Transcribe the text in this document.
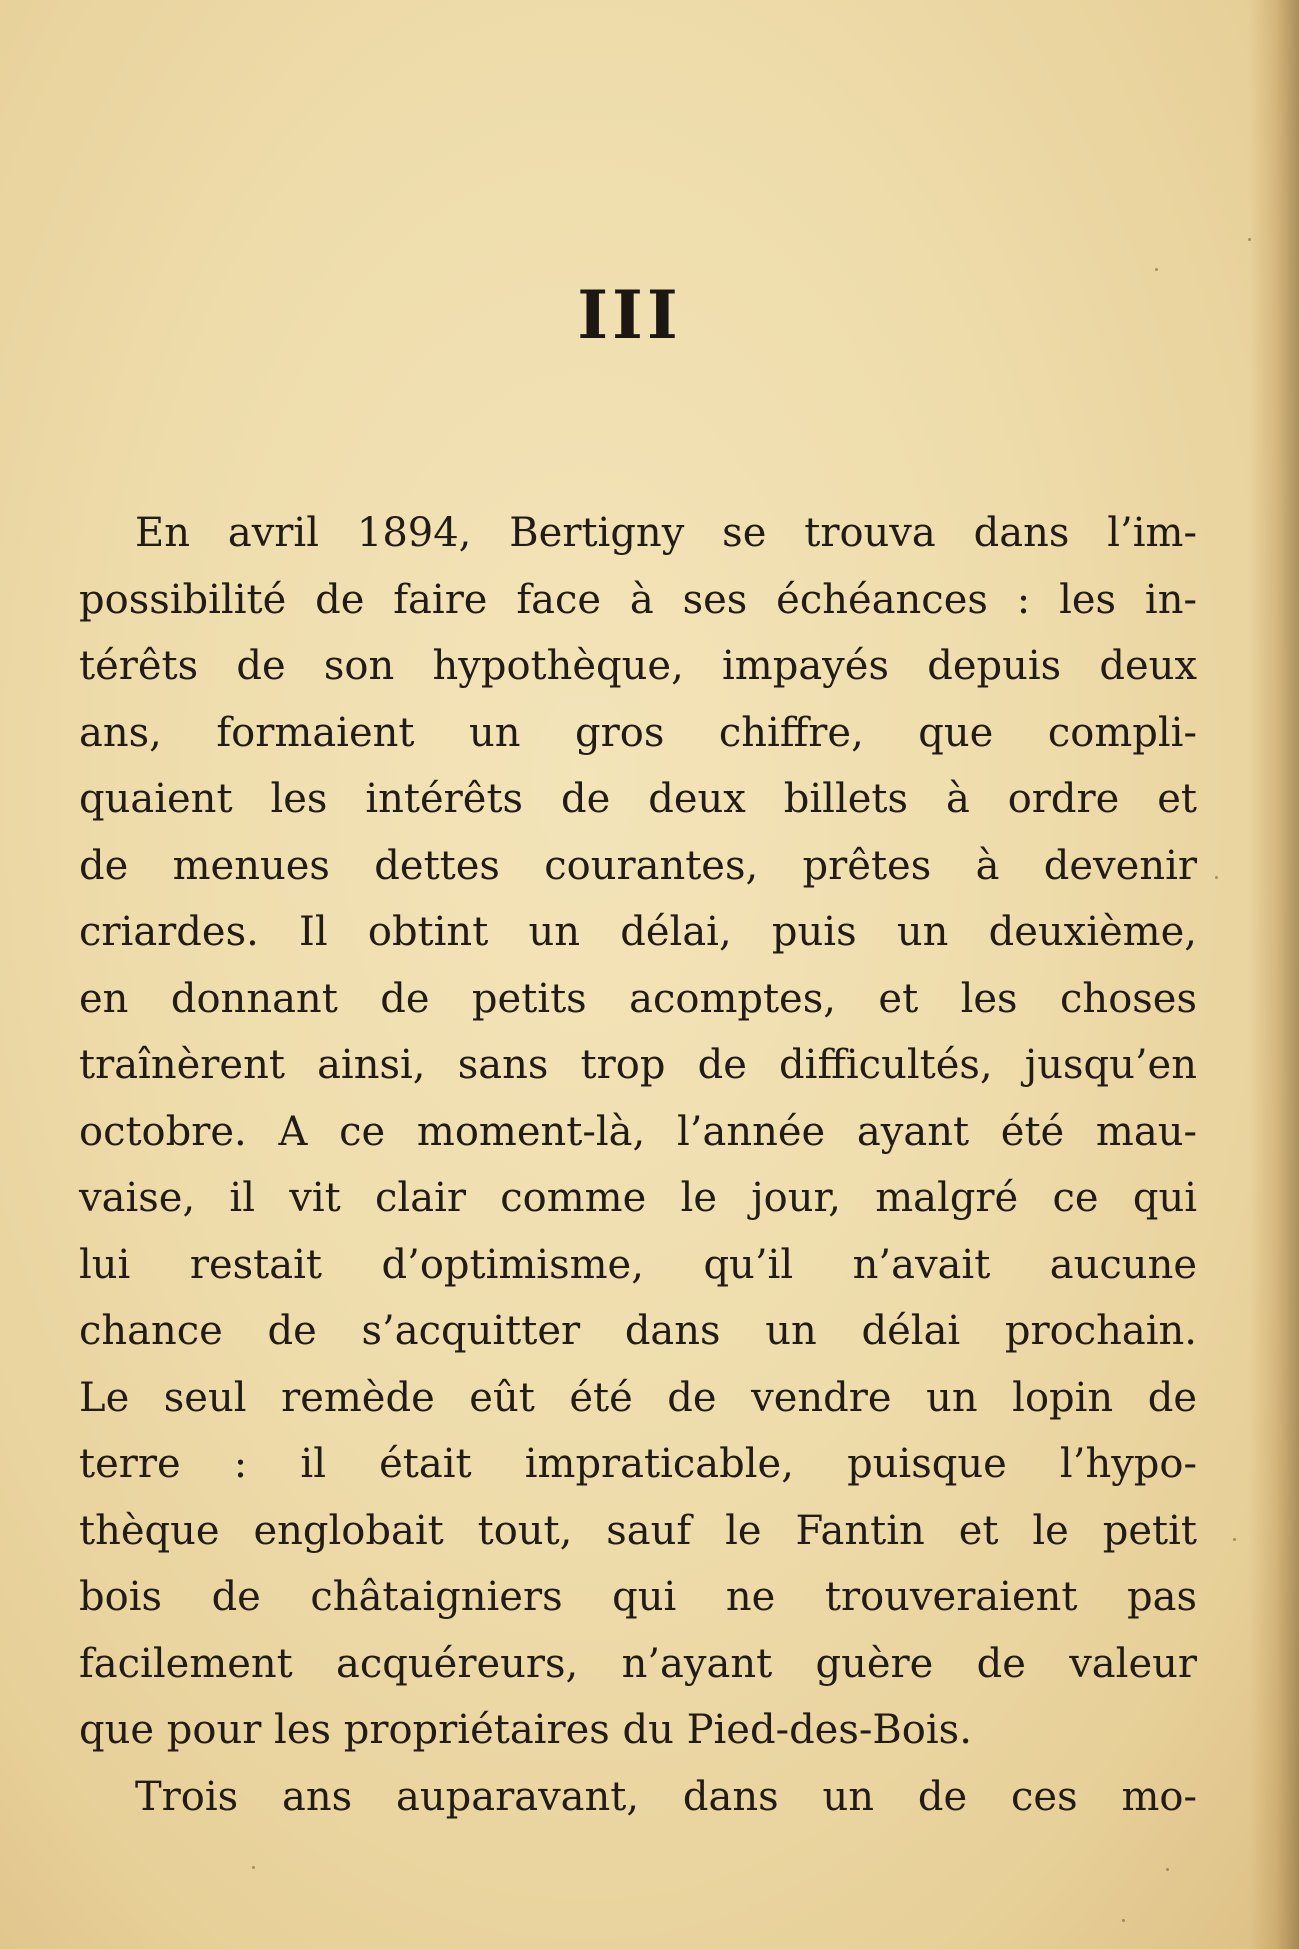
III
En avril 1894, Bertigny se trouva dans l’im-
possibilité de faire face à ses échéances : les in-
térêts de son hypothèque, impayés depuis deux
ans, formaient un gros chiffre, que compli-
quaient les intérêts de deux billets à ordre et
de menues dettes courantes, prêtes à devenir
criardes. Il obtint un délai, puis un deuxième,
en donnant de petits acomptes, et les choses
traînèrent ainsi, sans trop de difficultés, jusqu’en
octobre. A ce moment-là, l’année ayant été mau-
vaise, il vit clair comme le jour, malgré ce qui
lui restait d’optimisme, qu’il n’avait aucune
chance de s’acquitter dans un délai prochain.
Le seul remède eût été de vendre un lopin de
terre : il était impraticable, puisque l’hypo-
thèque englobait tout, sauf le Fantin et le petit
bois de châtaigniers qui ne trouveraient pas
facilement acquéreurs, n’ayant guère de valeur
que pour les propriétaires du Pied-des-Bois.
Trois ans auparavant, dans un de ces mo-
